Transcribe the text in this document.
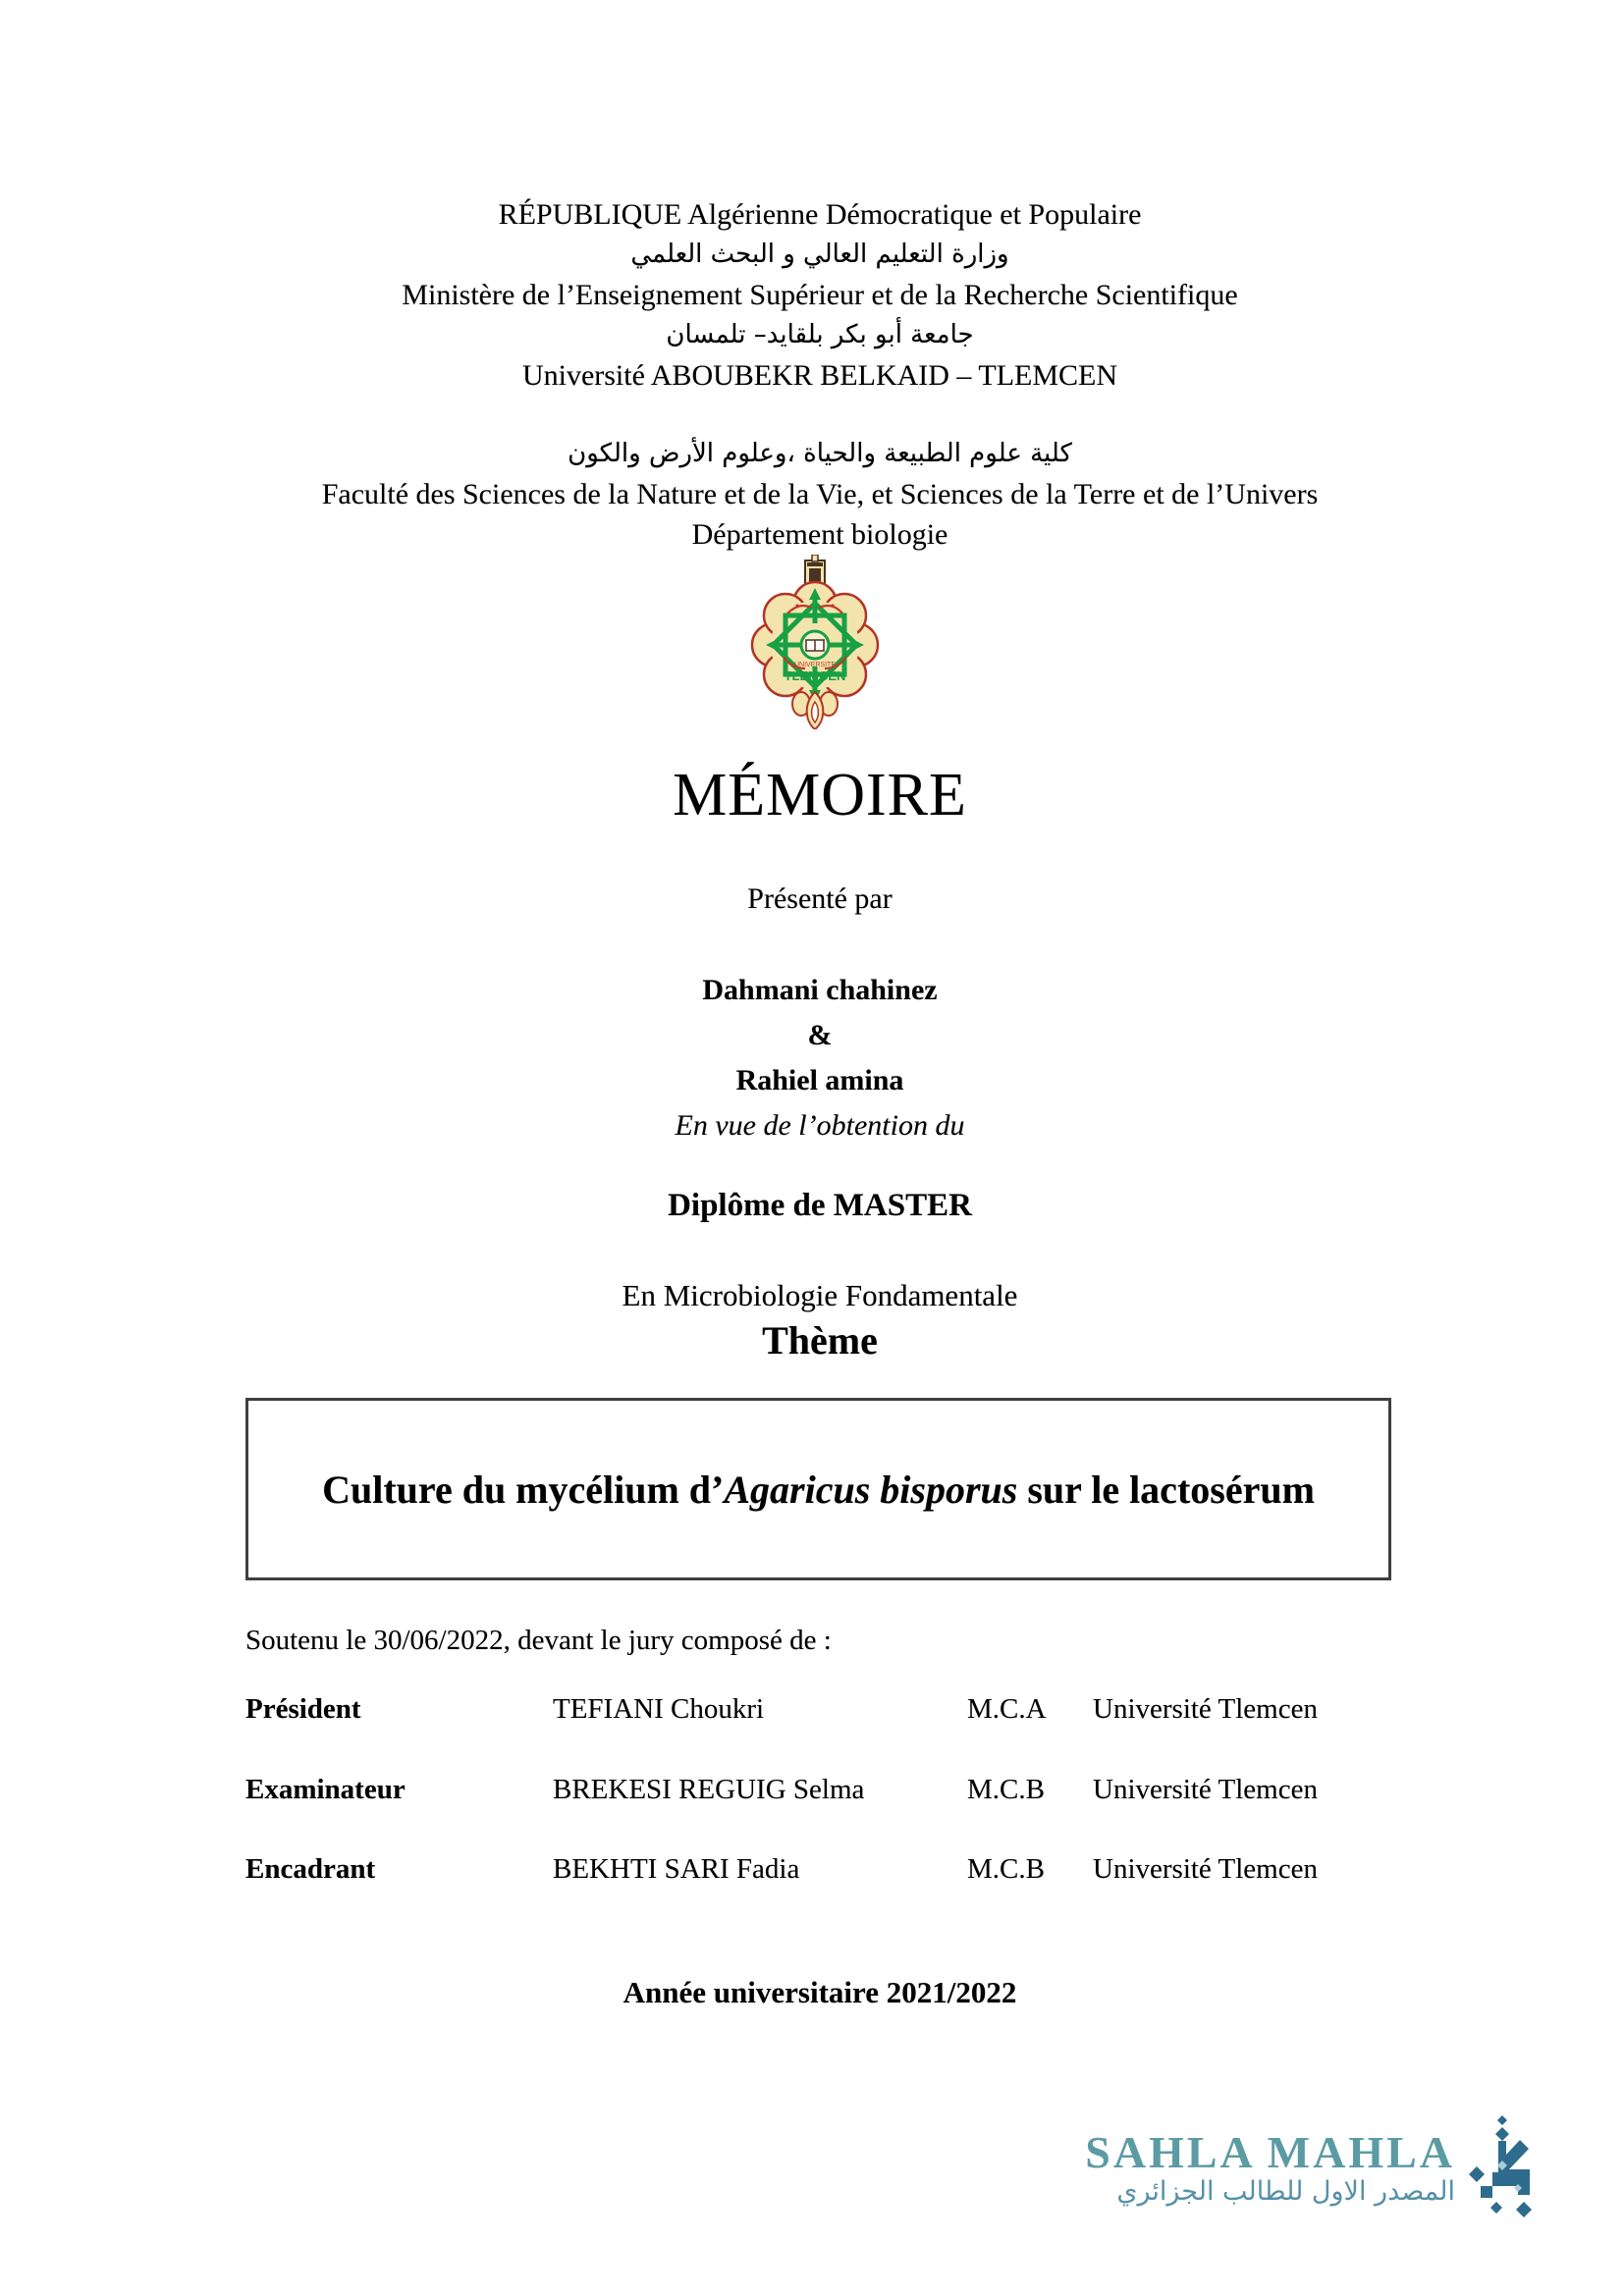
RÉPUBLIQUE Algérienne Démocratique et Populaire
وزارة التعليم العالي و البحث العلمي
Ministère de l’Enseignement Supérieur et de la Recherche Scientifique
جامعة أبو بكر بلقايد– تلمسان
Université ABOUBEKR BELKAID – TLEMCEN
كلية علوم الطبيعة والحياة ،وعلوم الأرض والكون
Faculté des Sciences de la Nature et de la Vie, et Sciences de la Terre et de l’Univers
Département biologie
UNIVERSITE
TLEMCEN
MÉMOIRE
Présenté par
Dahmani chahinez
&
Rahiel amina
En vue de l’obtention du
Diplôme de MASTER
En Microbiologie Fondamentale
Thème
Culture du mycélium d’Agaricus bisporus sur le lactosérum
Soutenu le 30/06/2022, devant le jury composé de :
Président	TEFIANI Choukri	M.C.A	Université Tlemcen
Examinateur	BREKESI REGUIG Selma	M.C.B	Université Tlemcen
Encadrant	BEKHTI SARI Fadia	M.C.B	Université Tlemcen
Année universitaire 2021/2022
SAHLA MAHLA
المصدر الاول للطالب الجزائري
